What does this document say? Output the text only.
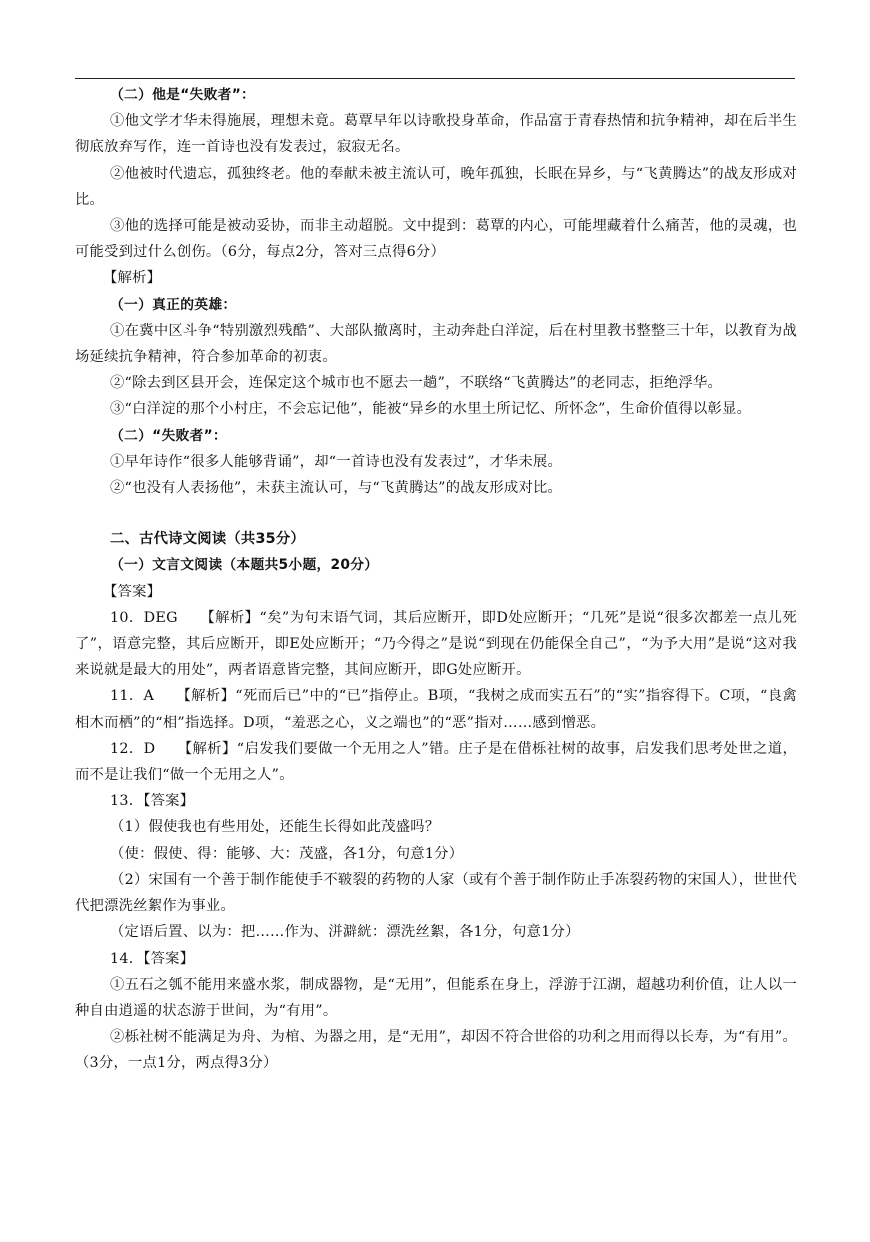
（二）他是“失败者”：

①他文学才华未得施展，理想未竟。葛覃早年以诗歌投身革命，作品富于青春热情和抗争精神，却在后半生彻底放弃写作，连一首诗也没有发表过，寂寂无名。

②他被时代遗忘，孤独终老。他的奉献未被主流认可，晚年孤独，长眠在异乡，与“飞黄腾达”的战友形成对比。

③他的选择可能是被动妥协，而非主动超脱。文中提到：葛覃的内心，可能埋藏着什么痛苦，他的灵魂，也可能受到过什么创伤。（6分，每点2分，答对三点得6分）

【解析】

（一）真正的英雄：

①在冀中区斗争“特别激烈残酷”、大部队撤离时，主动奔赴白洋淀，后在村里教书整整三十年，以教育为战场延续抗争精神，符合参加革命的初衷。

②“除去到区县开会，连保定这个城市也不愿去一趟”，不联络“飞黄腾达”的老同志，拒绝浮华。

③“白洋淀的那个小村庄，不会忘记他”，能被“异乡的水里土所记忆、所怀念”，生命价值得以彰显。

（二）“失败者”：

①早年诗作“很多人能够背诵”，却“一首诗也没有发表过”，才华未展。

②“也没有人表扬他”，未获主流认可，与“飞黄腾达”的战友形成对比。

二、古代诗文阅读（共35分）

（一）文言文阅读（本题共5小题，20分）

【答案】

10．DEG　　【解析】“矣”为句末语气词，其后应断开，即D处应断开；“几死”是说“很多次都差一点儿死了”，语意完整，其后应断开，即E处应断开；“乃今得之”是说“到现在仍能保全自己”，“为予大用”是说“这对我来说就是最大的用处”，两者语意皆完整，其间应断开，即G处应断开。

11．A　　【解析】“死而后已”中的“已”指停止。B项，“我树之成而实五石”的“实”指容得下。C项，“良禽相木而栖”的“相”指选择。D项，“羞恶之心，义之端也”的“恶”指对……感到憎恶。

12．D　　【解析】“启发我们要做一个无用之人”错。庄子是在借栎社树的故事，启发我们思考处世之道，而不是让我们“做一个无用之人”。

13．【答案】

（1）假使我也有些用处，还能生长得如此茂盛吗？

（使：假使、得：能够、大：茂盛，各1分，句意1分）

（2）宋国有一个善于制作能使手不皲裂的药物的人家（或有个善于制作防止手冻裂药物的宋国人），世世代代把漂洗丝絮作为事业。

（定语后置、以为：把……作为、洴澼絖：漂洗丝絮，各1分，句意1分）

14．【答案】

①五石之瓠不能用来盛水浆，制成器物，是“无用”，但能系在身上，浮游于江湖，超越功利价值，让人以一种自由逍遥的状态游于世间，为“有用”。

②栎社树不能满足为舟、为棺、为器之用，是“无用”，却因不符合世俗的功利之用而得以长寿，为“有用”。（3分，一点1分，两点得3分）
